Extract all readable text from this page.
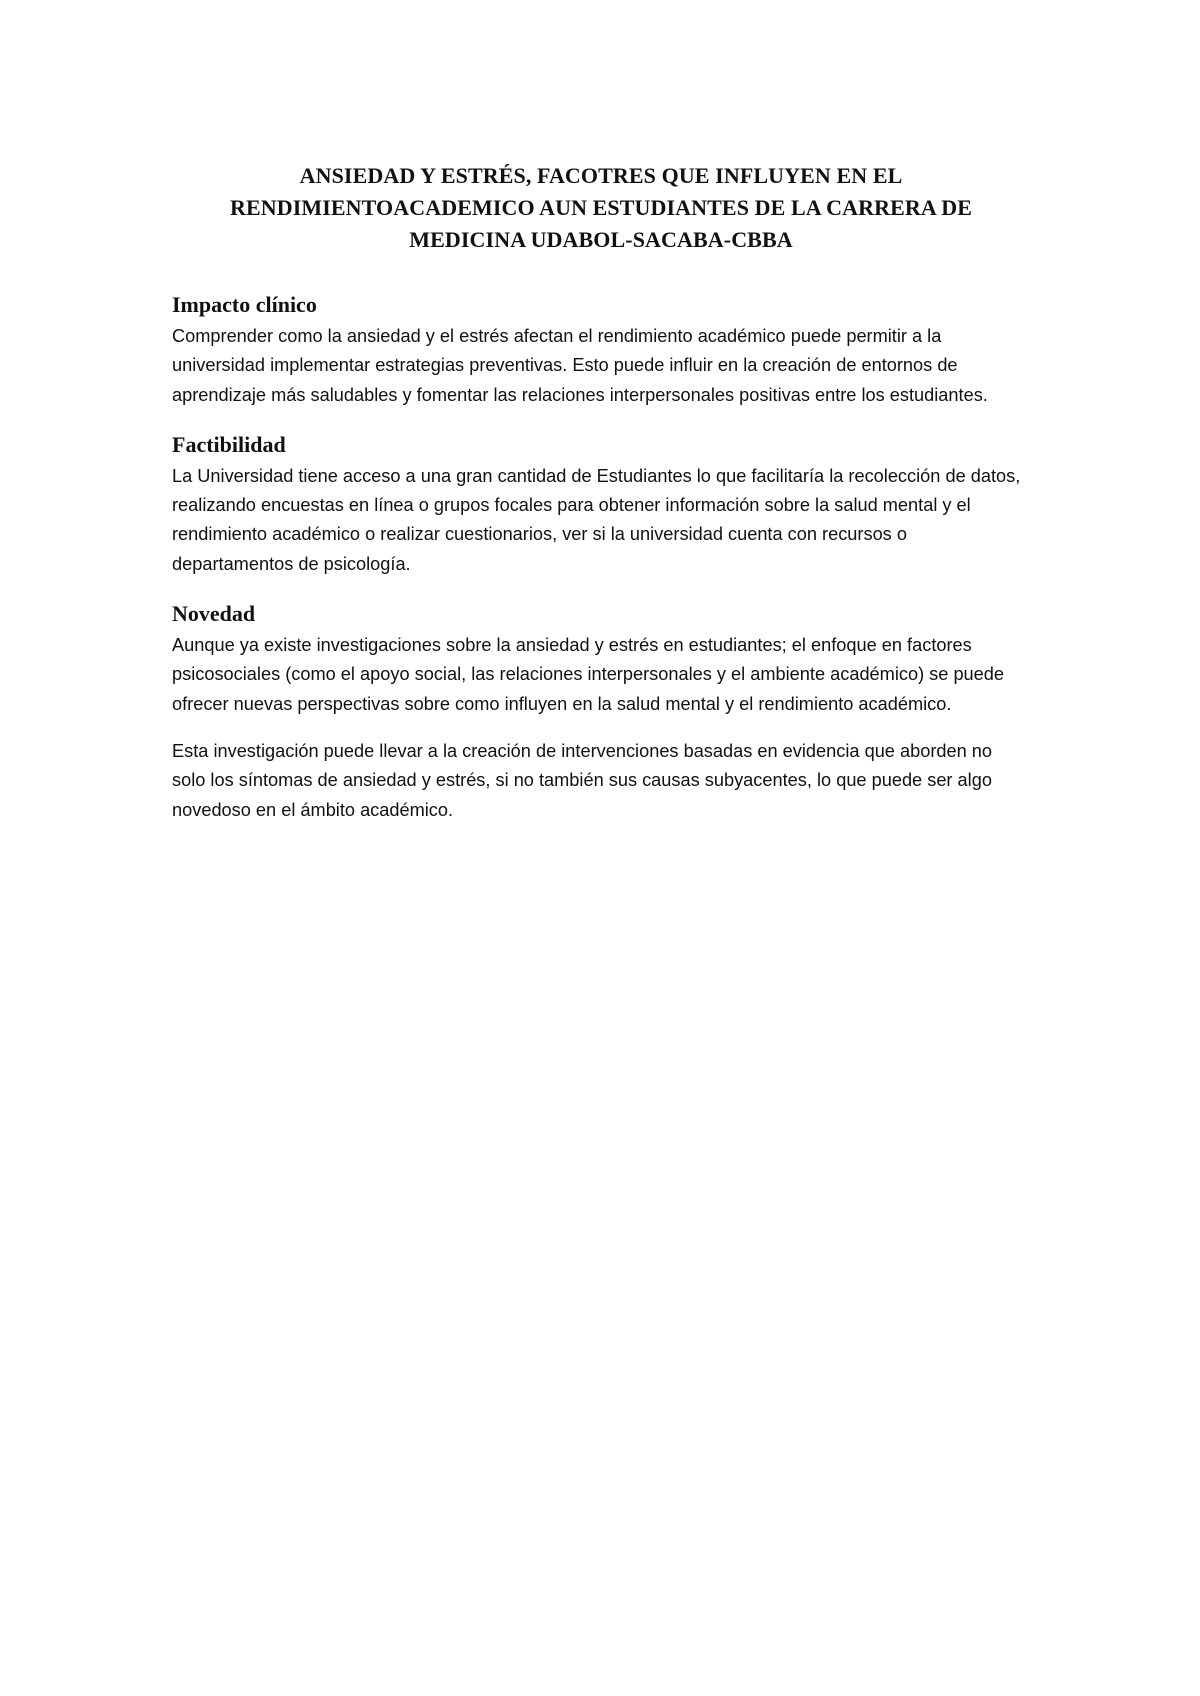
ANSIEDAD Y ESTRÉS, FACOTRES QUE INFLUYEN EN EL
RENDIMIENTOACADEMICO AUN ESTUDIANTES DE LA CARRERA DE
MEDICINA UDABOL-SACABA-CBBA
Impacto clínico

Comprender como la ansiedad y el estrés afectan el rendimiento académico puede permitir a la universidad implementar estrategias preventivas. Esto puede influir en la creación de entornos de aprendizaje más saludables y fomentar las relaciones interpersonales positivas entre los estudiantes.

Factibilidad

La Universidad tiene acceso a una gran cantidad de Estudiantes lo que facilitaría la recolección de datos, realizando encuestas en línea o grupos focales para obtener información sobre la salud mental y el rendimiento académico o realizar cuestionarios, ver si la universidad cuenta con recursos o departamentos de psicología.

Novedad

Aunque ya existe investigaciones sobre la ansiedad y estrés en estudiantes; el enfoque en factores psicosociales (como el apoyo social, las relaciones interpersonales y el ambiente académico) se puede ofrecer nuevas perspectivas sobre como influyen en la salud mental y el rendimiento académico.

Esta investigación puede llevar a la creación de intervenciones basadas en evidencia que aborden no solo los síntomas de ansiedad y estrés, si no también sus causas subyacentes, lo que puede ser algo novedoso en el ámbito académico.
